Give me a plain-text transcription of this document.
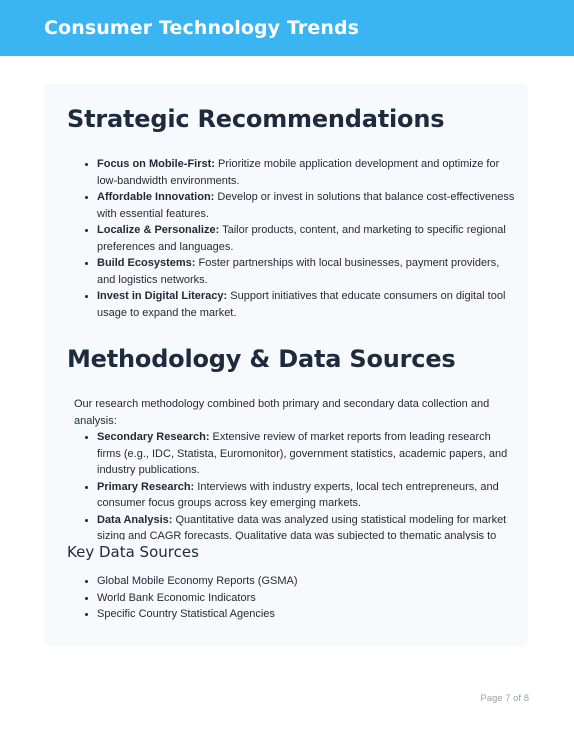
Consumer Technology Trends
Strategic Recommendations
• Focus on Mobile-First: Prioritize mobile application development and optimize for low-bandwidth environments.
• Affordable Innovation: Develop or invest in solutions that balance cost-effectiveness with essential features.
• Localize & Personalize: Tailor products, content, and marketing to specific regional preferences and languages.
• Build Ecosystems: Foster partnerships with local businesses, payment providers, and logistics networks.
• Invest in Digital Literacy: Support initiatives that educate consumers on digital tool usage to expand the market.
Methodology & Data Sources

Our research methodology combined both primary and secondary data collection and analysis:

• Secondary Research: Extensive review of market reports from leading research firms (e.g., IDC, Statista, Euromonitor), government statistics, academic papers, and industry publications.
• Primary Research: Interviews with industry experts, local tech entrepreneurs, and consumer focus groups across key emerging markets.
• Data Analysis: Quantitative data was analyzed using statistical modeling for market sizing and CAGR forecasts. Qualitative data was subjected to thematic analysis to
Key Data Sources
• Global Mobile Economy Reports (GSMA)
• World Bank Economic Indicators
• Specific Country Statistical Agencies
Page 7 of 8
